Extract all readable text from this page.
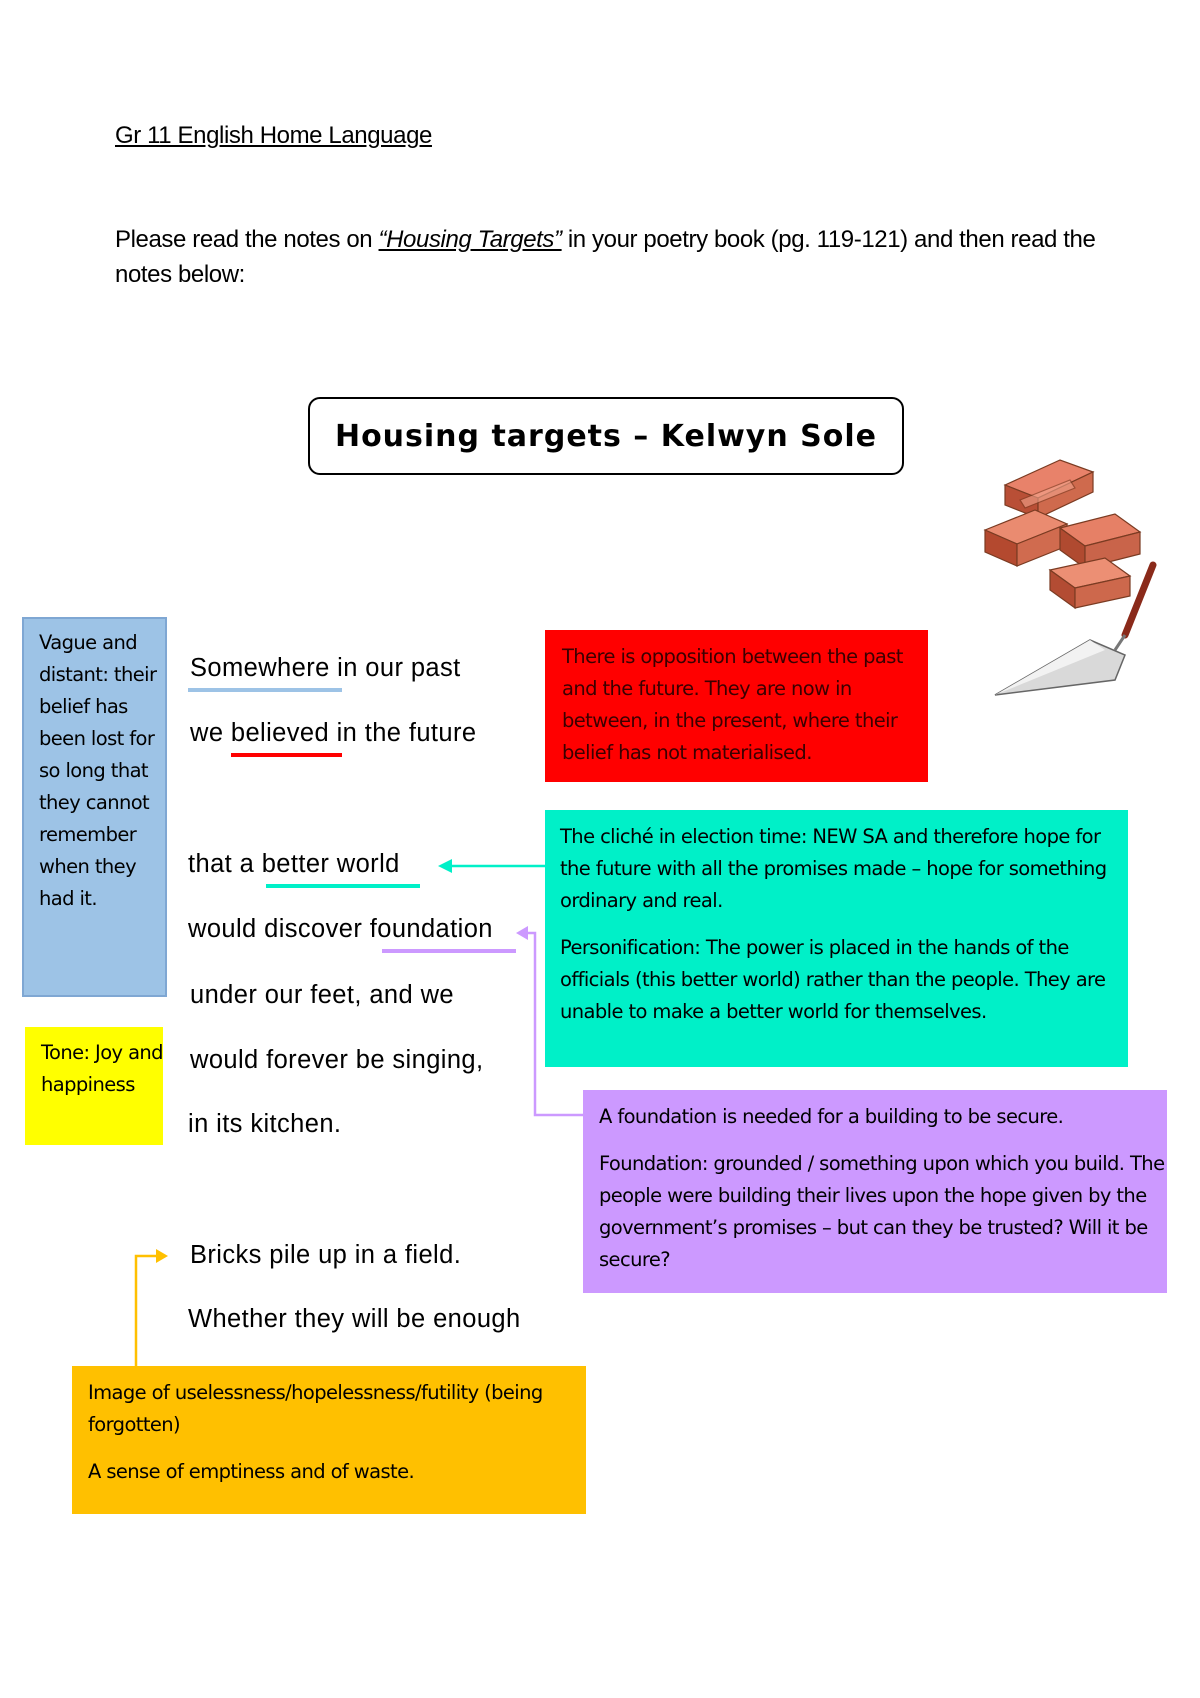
Gr 11 English Home Language
Please read the notes on “Housing Targets” in your poetry book (pg. 119-121) and then read the notes below:
Housing targets – Kelwyn Sole
Somewhere in our past
we believed in the future
that a better world
would discover foundation
under our feet, and we
would forever be singing,
in its kitchen.
Bricks pile up in a field.
Whether they will be enough

Vague and distant: their belief has been lost for so long that they cannot remember when they had it.

Tone: Joy and happiness

There is opposition between the past and the future. They are now in between, in the present, where their belief has not materialised.

The cliché in election time: NEW SA and therefore hope for the future with all the promises made – hope for something ordinary and real.

Personification: The power is placed in the hands of the officials (this better world) rather than the people. They are unable to make a better world for themselves.

A foundation is needed for a building to be secure.

Foundation: grounded / something upon which you build. The people were building their lives upon the hope given by the government’s promises – but can they be trusted? Will it be secure?

Image of uselessness/hopelessness/futility (being forgotten)

A sense of emptiness and of waste.
